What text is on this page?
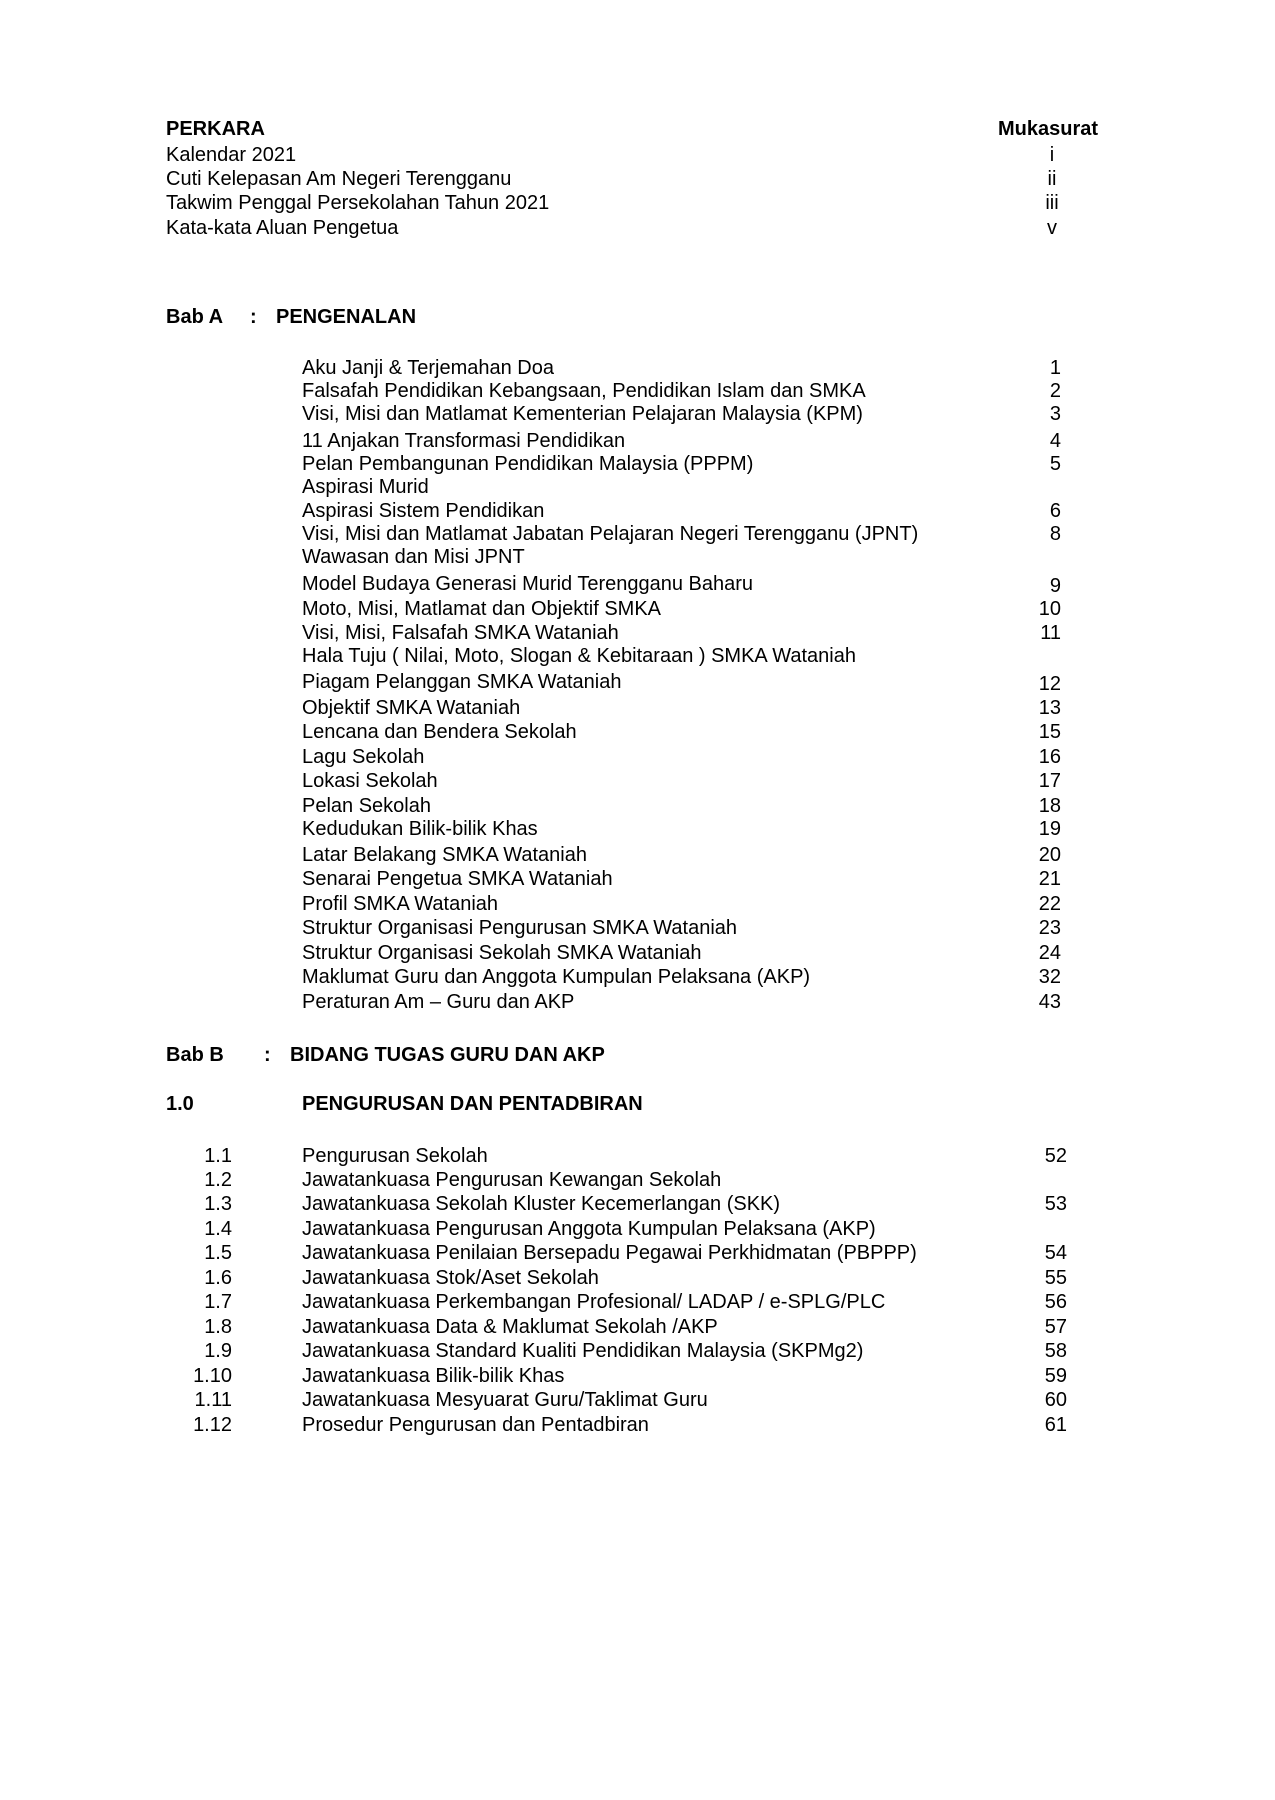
PERKARA	Mukasurat
Kalendar 2021	i
Cuti Kelepasan Am Negeri Terengganu	ii
Takwim Penggal Persekolahan Tahun 2021	iii
Kata-kata Aluan Pengetua	v
Bab A : PENGENALAN
Aku Janji & Terjemahan Doa	1
Falsafah Pendidikan Kebangsaan, Pendidikan Islam dan SMKA	2
Visi, Misi dan Matlamat Kementerian Pelajaran Malaysia (KPM)	3
11 Anjakan Transformasi Pendidikan	4
Pelan Pembangunan Pendidikan Malaysia (PPPM)	5
Aspirasi Murid
Aspirasi Sistem Pendidikan	6
Visi, Misi dan Matlamat Jabatan Pelajaran Negeri Terengganu (JPNT)	8
Wawasan dan Misi JPNT
Model Budaya Generasi Murid Terengganu Baharu	9
Moto, Misi, Matlamat dan Objektif SMKA	10
Visi, Misi, Falsafah SMKA Wataniah	11
Hala Tuju ( Nilai, Moto, Slogan & Kebitaraan ) SMKA Wataniah
Piagam Pelanggan SMKA Wataniah	12
Objektif SMKA Wataniah	13
Lencana dan Bendera Sekolah	15
Lagu Sekolah	16
Lokasi Sekolah	17
Pelan Sekolah	18
Kedudukan Bilik-bilik Khas	19
Latar Belakang SMKA Wataniah	20
Senarai Pengetua SMKA Wataniah	21
Profil SMKA Wataniah	22
Struktur Organisasi Pengurusan SMKA Wataniah	23
Struktur Organisasi Sekolah SMKA Wataniah	24
Maklumat Guru dan Anggota Kumpulan Pelaksana (AKP)	32
Peraturan Am – Guru dan AKP	43
Bab B : BIDANG TUGAS GURU DAN AKP
1.0	PENGURUSAN DAN PENTADBIRAN
1.1	Pengurusan Sekolah	52
1.2	Jawatankuasa Pengurusan Kewangan Sekolah
1.3	Jawatankuasa Sekolah Kluster Kecemerlangan (SKK)	53
1.4	Jawatankuasa Pengurusan Anggota Kumpulan Pelaksana (AKP)
1.5	Jawatankuasa Penilaian Bersepadu Pegawai Perkhidmatan (PBPPP)	54
1.6	Jawatankuasa Stok/Aset Sekolah	55
1.7	Jawatankuasa Perkembangan Profesional/ LADAP / e-SPLG/PLC	56
1.8	Jawatankuasa Data & Maklumat Sekolah /AKP	57
1.9	Jawatankuasa Standard Kualiti Pendidikan Malaysia (SKPMg2)	58
1.10	Jawatankuasa Bilik-bilik Khas	59
1.11	Jawatankuasa Mesyuarat Guru/Taklimat Guru	60
1.12	Prosedur Pengurusan dan Pentadbiran	61
